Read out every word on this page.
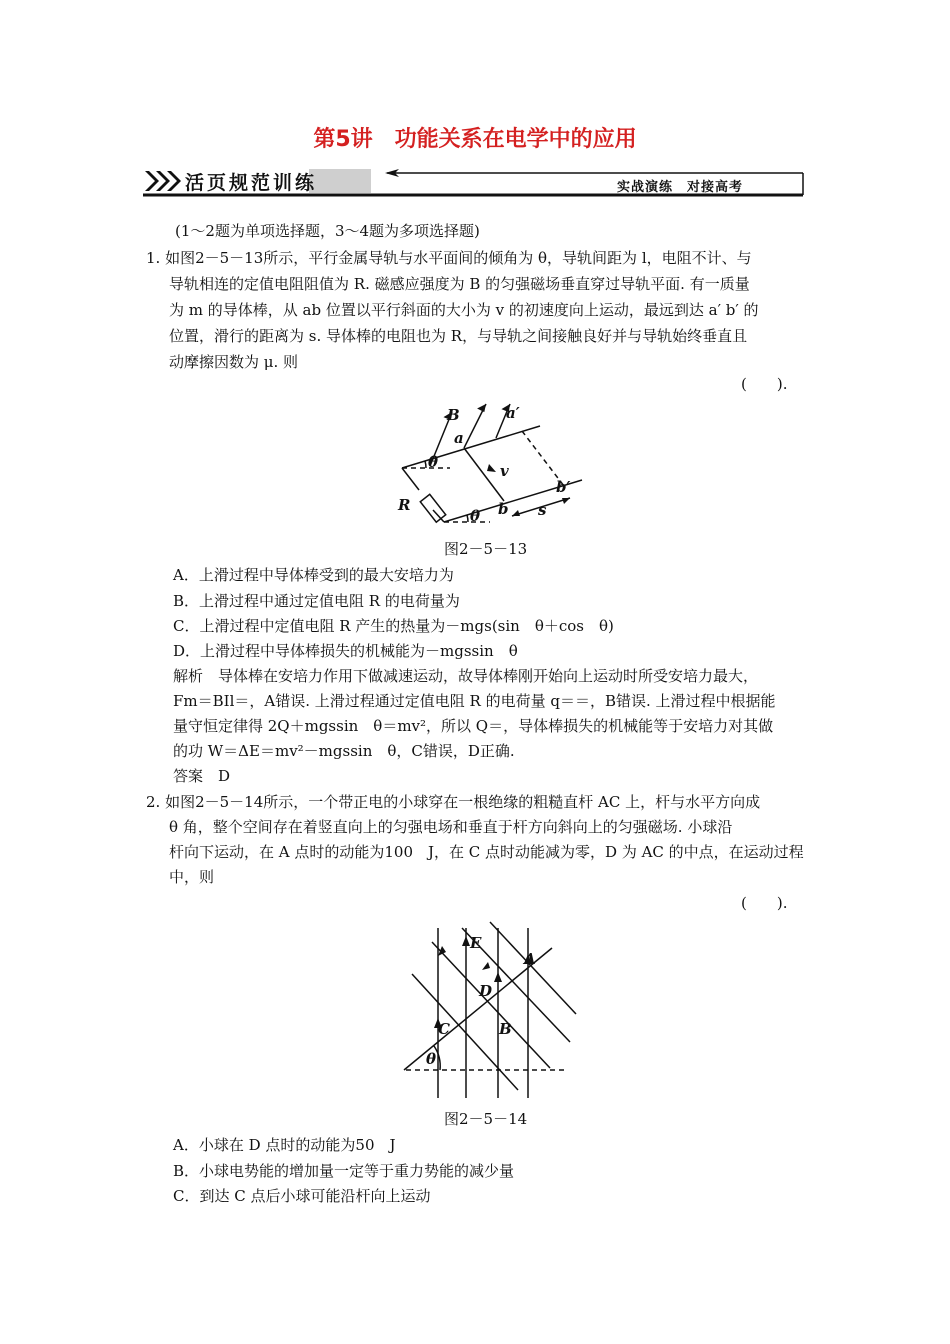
第5讲　功能关系在电学中的应用
活页规范训练	实战演练　对接高考
(1～2题为单项选择题，3～4题为多项选择题)
1. 如图2－5－13所示，平行金属导轨与水平面间的倾角为 θ，导轨间距为 l，电阻不计、与
导轨相连的定值电阻阻值为 R. 磁感应强度为 B 的匀强磁场垂直穿过导轨平面. 有一质量
为 m 的导体棒，从 ab 位置以平行斜面的大小为 v 的初速度向上运动，最远到达 a′ b′ 的
位置，滑行的距离为 s. 导体棒的电阻也为 R，与导轨之间接触良好并与导轨始终垂直且
动摩擦因数为 μ. 则
(　　).
B
a
a′
θ	v
R
b′
θ b s
图2－5－13
A．上滑过程中导体棒受到的最大安培力为
B．上滑过程中通过定值电阻 R 的电荷量为
C．上滑过程中定值电阻 R 产生的热量为－mgs(sin　θ＋cos　θ)
D．上滑过程中导体棒损失的机械能为－mgssin　θ
解析　导体棒在安培力作用下做减速运动，故导体棒刚开始向上运动时所受安培力最大，
Fm＝BIl＝，A错误. 上滑过程通过定值电阻 R 的电荷量 q＝＝，B错误. 上滑过程中根据能
量守恒定律得 2Q＋mgssin　θ＝mv²，所以 Q＝，导体棒损失的机械能等于安培力对其做
的功 W＝ΔE＝mv²－mgssin　θ，C错误，D正确.
答案　D
2. 如图2－5－14所示，一个带正电的小球穿在一根绝缘的粗糙直杆 AC 上，杆与水平方向成
θ 角，整个空间存在着竖直向上的匀强电场和垂直于杆方向斜向上的匀强磁场. 小球沿
杆向下运动，在 A 点时的动能为100　J，在 C 点时动能减为零，D 为 AC 的中点，在运动过程
中，则
(　　).
E
A
D
C	B
θ
图2－5－14
A．小球在 D 点时的动能为50　J
B．小球电势能的增加量一定等于重力势能的减少量
C．到达 C 点后小球可能沿杆向上运动
